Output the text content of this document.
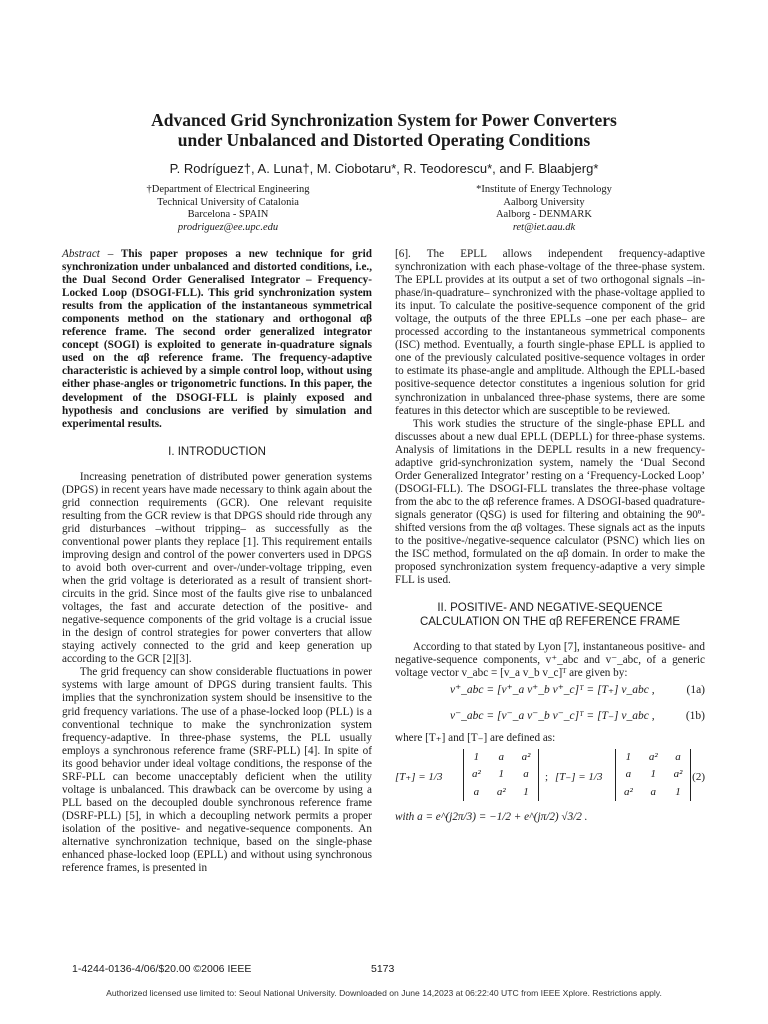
Advanced Grid Synchronization System for Power Converters
under Unbalanced and Distorted Operating Conditions
P. Rodríguez†, A. Luna†, M. Ciobotaru*, R. Teodorescu*, and F. Blaabjerg*
†Department of Electrical Engineering
Technical University of Catalonia
Barcelona - SPAIN
prodriguez@ee.upc.edu
*Institute of Energy Technology
Aalborg University
Aalborg - DENMARK
ret@iet.aau.dk

Abstract – This paper proposes a new technique for grid synchronization under unbalanced and distorted conditions, i.e., the Dual Second Order Generalised Integrator – Frequency-Locked Loop (DSOGI-FLL). This grid synchronization system results from the application of the instantaneous symmetrical components method on the stationary and orthogonal αβ reference frame. The second order generalized integrator concept (SOGI) is exploited to generate in-quadrature signals used on the αβ reference frame. The frequency-adaptive characteristic is achieved by a simple control loop, without using either phase-angles or trigonometric functions. In this paper, the development of the DSOGI-FLL is plainly exposed and hypothesis and conclusions are verified by simulation and experimental results.

I. INTRODUCTION

Increasing penetration of distributed power generation systems (DPGS) in recent years have made necessary to think again about the grid connection requirements (GCR). One relevant requisite resulting from the GCR review is that DPGS should ride through any grid disturbances –without tripping– as successfully as the conventional power plants they replace [1]. This requirement entails improving design and control of the power converters used in DPGS to avoid both over-current and over-/under-voltage tripping, even when the grid voltage is deteriorated as a result of transient short-circuits in the grid. Since most of the faults give rise to unbalanced voltages, the fast and accurate detection of the positive- and negative-sequence components of the grid voltage is a crucial issue in the design of control strategies for power converters that allow staying actively connected to the grid and keep generation up according to the GCR [2][3].

The grid frequency can show considerable fluctuations in power systems with large amount of DPGS during transient faults. This implies that the synchronization system should be insensitive to the grid frequency variations. The use of a phase-locked loop (PLL) is a conventional technique to make the synchronization system frequency-adaptive. In three-phase systems, the PLL usually employs a synchronous reference frame (SRF-PLL) [4]. In spite of its good behavior under ideal voltage conditions, the response of the SRF-PLL can become unacceptably deficient when the utility voltage is unbalanced. This drawback can be overcome by using a PLL based on the decoupled double synchronous reference frame (DSRF-PLL) [5], in which a decoupling network permits a proper isolation of the positive- and negative-sequence components. An alternative synchronization technique, based on the single-phase enhanced phase-locked loop (EPLL) and without using synchronous reference frames, is presented in

[6]. The EPLL allows independent frequency-adaptive synchronization with each phase-voltage of the three-phase system. The EPLL provides at its output a set of two orthogonal signals –in-phase/in-quadrature– synchronized with the phase-voltage applied to its input. To calculate the positive-sequence component of the grid voltage, the outputs of the three EPLLs –one per each phase– are processed according to the instantaneous symmetrical components (ISC) method. Eventually, a fourth single-phase EPLL is applied to one of the previously calculated positive-sequence voltages in order to estimate its phase-angle and amplitude. Although the EPLL-based positive-sequence detector constitutes a ingenious solution for grid synchronization in unbalanced three-phase systems, there are some features in this detector which are susceptible to be reviewed.

This work studies the structure of the single-phase EPLL and discusses about a new dual EPLL (DEPLL) for three-phase systems. Analysis of limitations in the DEPLL results in a new frequency-adaptive grid-synchronization system, namely the ‘Dual Second Order Generalized Integrator’ resting on a ‘Frequency-Locked Loop’ (DSOGI-FLL). The DSOGI-FLL translates the three-phase voltage from the abc to the αβ reference frames. A DSOGI-based quadrature-signals generator (QSG) is used for filtering and obtaining the 90º-shifted versions from the αβ voltages. These signals act as the inputs to the positive-/negative-sequence calculator (PSNC) which lies on the ISC method, formulated on the αβ domain. In order to make the proposed synchronization system frequency-adaptive a very simple FLL is used.

II. POSITIVE- AND NEGATIVE-SEQUENCE
CALCULATION ON THE αβ REFERENCE FRAME

According to that stated by Lyon [7], instantaneous positive- and negative-sequence components, v⁺_abc and v⁻_abc, of a generic voltage vector v_abc = [v_a v_b v_c]ᵀ are given by:

v⁺_abc = [v⁺_a v⁺_b v⁺_c]ᵀ = [T₊] v_abc ,	(1a)
v⁻_abc = [v⁻_a v⁻_b v⁻_c]ᵀ = [T₋] v_abc ,	(1b)

where [T₊] and [T₋] are defined as:

[T₊] = 1/3
1	a	a²
a²	1	a
a	a²	1
; [T₋] = 1/3
1	a²	a
a	1	a²
a²	a	1
(2)

with a = e^(j2π/3) = −1/2 + e^(jπ/2) √3/2 .

1-4244-0136-4/06/$20.00 ©2006 IEEE	5173
Authorized licensed use limited to: Seoul National University. Downloaded on June 14,2023 at 06:22:40 UTC from IEEE Xplore. Restrictions apply.
